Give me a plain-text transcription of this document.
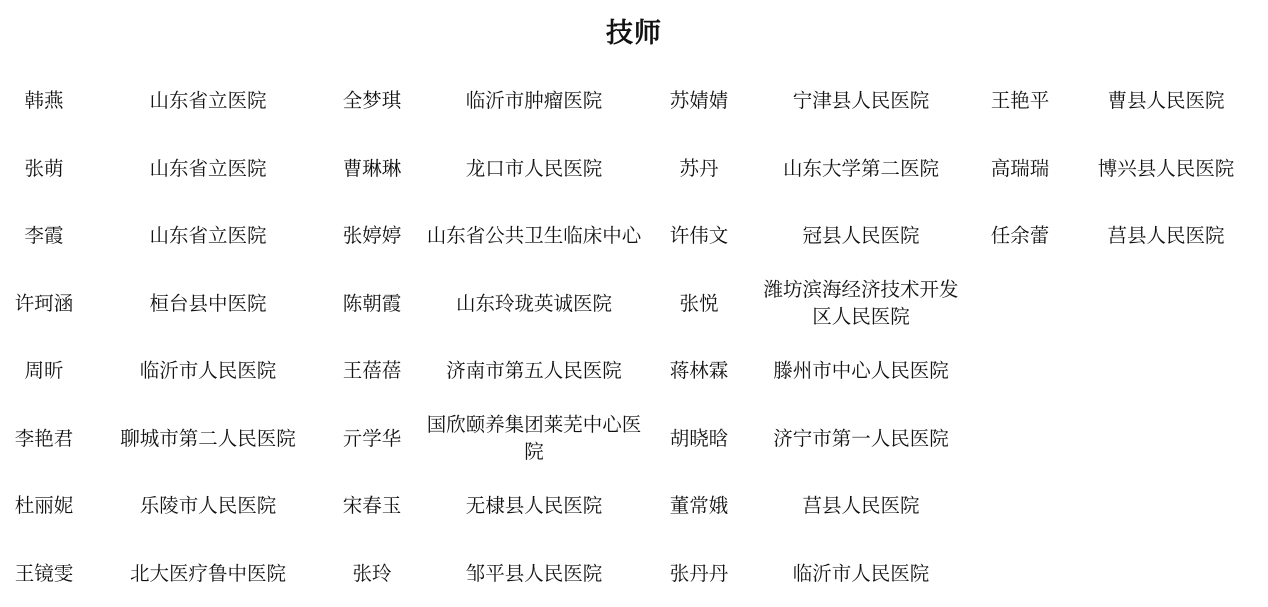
技师
韩燕	山东省立医院	全梦琪	临沂市肿瘤医院	苏婧婧	宁津县人民医院	王艳平	曹县人民医院
张萌	山东省立医院	曹琳琳	龙口市人民医院	苏丹	山东大学第二医院	高瑞瑞	博兴县人民医院
李霞	山东省立医院	张婷婷	山东省公共卫生临床中心	许伟文	冠县人民医院	任余蕾	莒县人民医院
许珂涵	桓台县中医院	陈朝霞	山东玲珑英诚医院	张悦	潍坊滨海经济技术开发区人民医院		
周昕	临沂市人民医院	王蓓蓓	济南市第五人民医院	蒋林霖	滕州市中心人民医院		
李艳君	聊城市第二人民医院	亓学华	国欣颐养集团莱芜中心医院	胡晓晗	济宁市第一人民医院		
杜丽妮	乐陵市人民医院	宋春玉	无棣县人民医院	董常娥	莒县人民医院		
王镜雯	北大医疗鲁中医院	张玲	邹平县人民医院	张丹丹	临沂市人民医院		
